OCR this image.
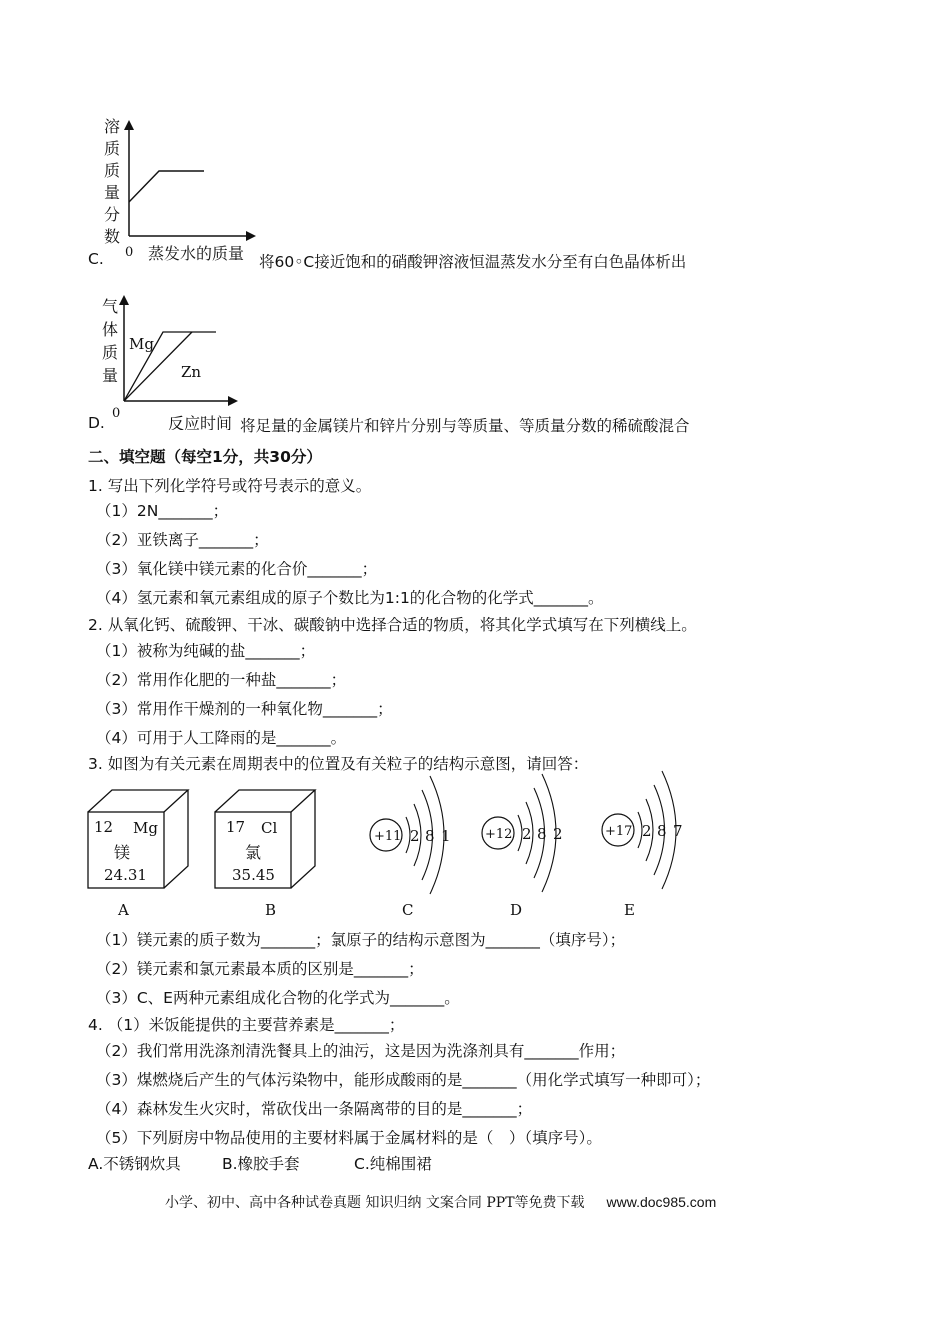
溶
质
质
量
分
数
0 蒸发水的质量
C.	将60◦C接近饱和的硝酸钾溶液恒温蒸发水分至有白色晶体析出
气
体
质
量
Mg
Zn
0
反应时间
D.	将足量的金属镁片和锌片分别与等质量、等质量分数的稀硫酸混合
二、填空题（每空1分，共30分）
1. 写出下列化学符号或符号表示的意义。
（1）2N_______；
（2）亚铁离子_______；
（3）氧化镁中镁元素的化合价_______；
（4）氢元素和氧元素组成的原子个数比为1:1的化合物的化学式_______。
2. 从氧化钙、硫酸钾、干冰、碳酸钠中选择合适的物质，将其化学式填写在下列横线上。
（1）被称为纯碱的盐_______；
（2）常用作化肥的一种盐_______；
（3）常用作干燥剂的一种氧化物_______；
（4）可用于人工降雨的是_______。
3. 如图为有关元素在周期表中的位置及有关粒子的结构示意图，请回答：
12 Mg
镁
24.31
A
17 Cl
氯
35.45
B
+11 2 8 1
C
+12 2 8 2
D
+17 2 8 7
E
（1）镁元素的质子数为_______；氯原子的结构示意图为_______（填序号）；
（2）镁元素和氯元素最本质的区别是_______；
（3）C、E两种元素组成化合物的化学式为_______。
4. （1）米饭能提供的主要营养素是_______；
（2）我们常用洗涤剂清洗餐具上的油污，这是因为洗涤剂具有_______作用；
（3）煤燃烧后产生的气体污染物中，能形成酸雨的是_______（用化学式填写一种即可）；
（4）森林发生火灾时，常砍伐出一条隔离带的目的是_______；
（5）下列厨房中物品使用的主要材料属于金属材料的是（　）（填序号）。
A.不锈钢炊具	B.橡胶手套	C.纯棉围裙
小学、初中、高中各种试卷真题 知识归纳 文案合同 PPT等免费下载 www.doc985.com
